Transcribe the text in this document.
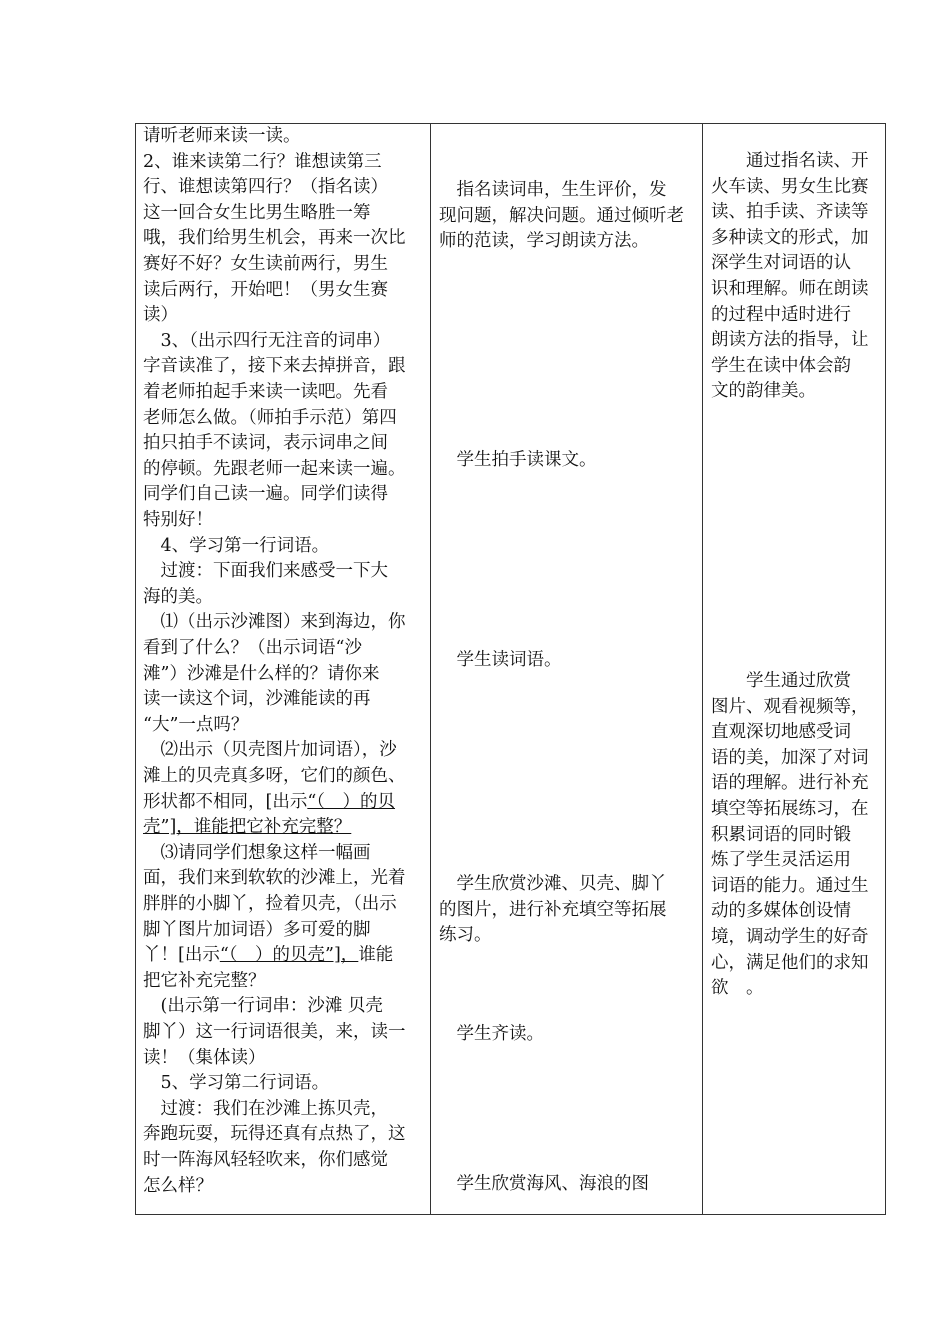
请听老师来读一读。
2、谁来读第二行？谁想读第三
行、谁想读第四行？（指名读）
这一回合女生比男生略胜一筹
哦，我们给男生机会，再来一次比
赛好不好？女生读前两行，男生
读后两行，开始吧！（男女生赛
读）
　3、（出示四行无注音的词串）
字音读准了，接下来去掉拼音，跟
着老师拍起手来读一读吧。先看
老师怎么做。（师拍手示范）第四
拍只拍手不读词，表示词串之间
的停顿。先跟老师一起来读一遍。
同学们自己读一遍。同学们读得
特别好！
　4、学习第一行词语。
　过渡：下面我们来感受一下大
海的美。
　⑴（出示沙滩图）来到海边，你
看到了什么？（出示词语“沙
滩”）沙滩是什么样的？请你来
读一读这个词，沙滩能读的再
“大”一点吗？
　⑵出示（贝壳图片加词语），沙
滩上的贝壳真多呀，它们的颜色、
形状都不相同，[出示“（　）的贝
壳”]，谁能把它补充完整？
　⑶请同学们想象这样一幅画
面，我们来到软软的沙滩上，光着
胖胖的小脚丫，捡着贝壳，（出示
脚丫图片加词语）多可爱的脚
丫！[出示“（　）的贝壳”]，谁能
把它补充完整？
　(出示第一行词串：沙滩 贝壳
脚丫）这一行词语很美，来，读一
读！（集体读）
　5、学习第二行词语。
　过渡：我们在沙滩上拣贝壳，
奔跑玩耍，玩得还真有点热了，这
时一阵海风轻轻吹来，你们感觉
怎么样？
　指名读词串，生生评价，发
现问题，解决问题。通过倾听老
师的范读，学习朗读方法。
　学生拍手读课文。
　学生读词语。
　学生欣赏沙滩、贝壳、脚丫
的图片，进行补充填空等拓展
练习。
　学生齐读。
　学生欣赏海风、海浪的图
　　通过指名读、开
火车读、男女生比赛
读、拍手读、齐读等
多种读文的形式，加
深学生对词语的认
识和理解。师在朗读
的过程中适时进行
朗读方法的指导，让
学生在读中体会韵
文的韵律美。
　　学生通过欣赏
图片、观看视频等，
直观深切地感受词
语的美，加深了对词
语的理解。进行补充
填空等拓展练习，在
积累词语的同时锻
炼了学生灵活运用
词语的能力。通过生
动的多媒体创设情
境，调动学生的好奇
心，满足他们的求知
欲　。
